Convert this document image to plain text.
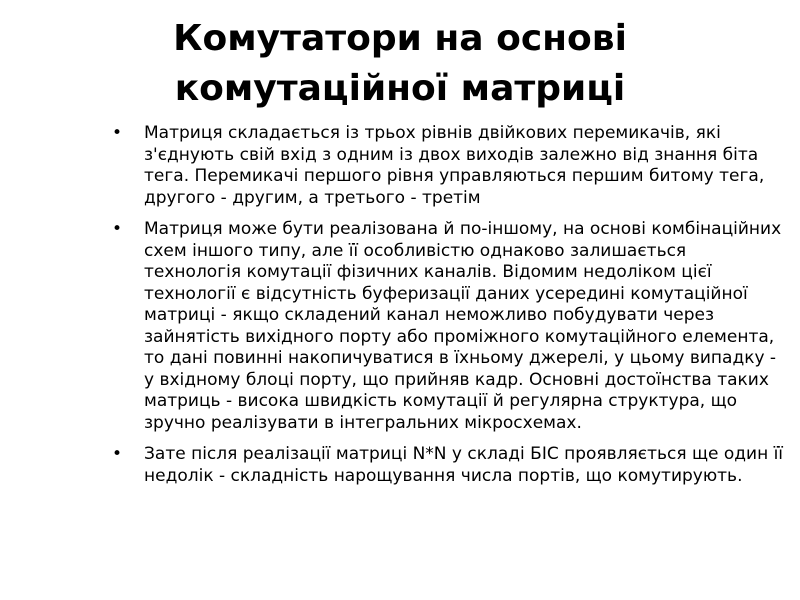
Комутатори на основі
комутаційної матриці
• Матриця складається із трьох рівнів двійкових перемикачів, які з'єднують свій вхід з одним із двох виходів залежно від знання біта тега. Перемикачі першого рівня управляються першим битому тега, другого - другим, а третього - третім
• Матриця може бути реалізована й по-іншому, на основі комбінаційних схем іншого типу, але її особливістю однаково залишається технологія комутації фізичних каналів. Відомим недоліком цієї технології є відсутність буферизації даних усередині комутаційної матриці - якщо складений канал неможливо побудувати через зайнятість вихідного порту або проміжного комутаційного елемента, то дані повинні накопичуватися в їхньому джерелі, у цьому випадку - у вхідному блоці порту, що прийняв кадр. Основні достоїнства таких матриць - висока швидкість комутації й регулярна структура, що зручно реалізувати в інтегральних мікросхемах.
• Зате після реалізації матриці N*N у складі БІС проявляється ще один її недолік - складність нарощування числа портів, що комутирують.
